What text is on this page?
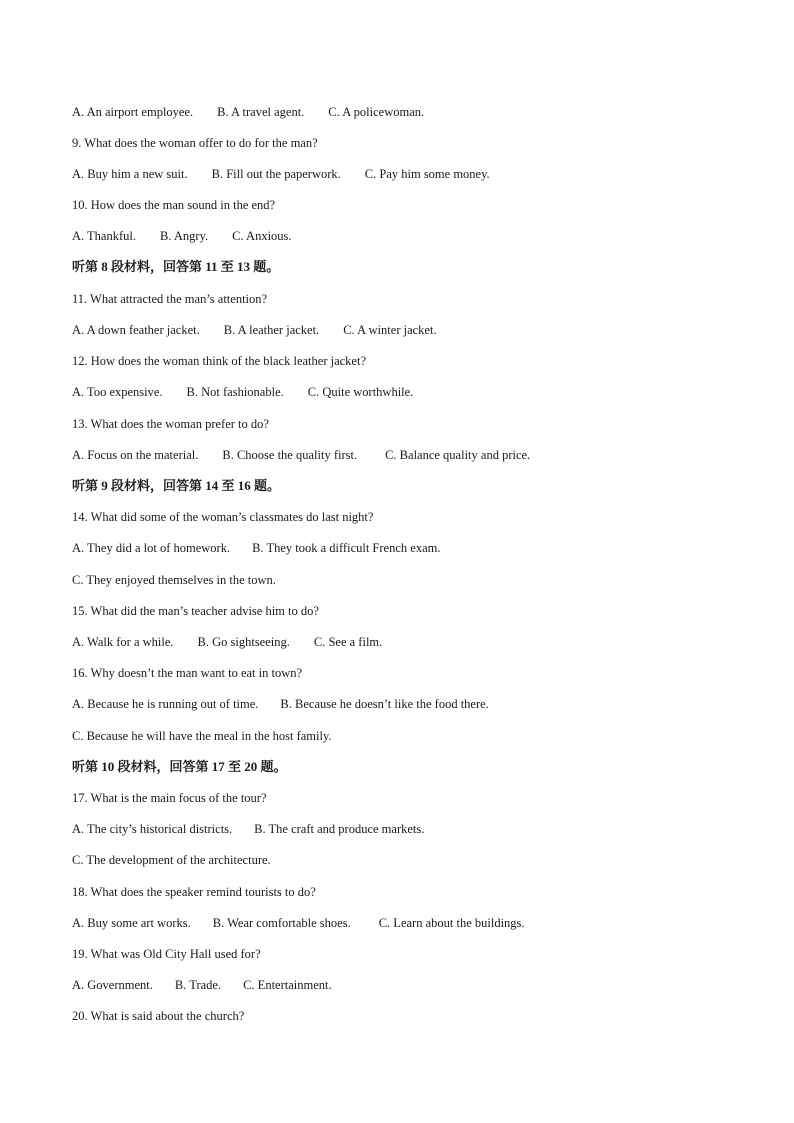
A. An airport employee. B. A travel agent. C. A policewoman.
9. What does the woman offer to do for the man?
A. Buy him a new suit. B. Fill out the paperwork. C. Pay him some money.
10. How does the man sound in the end?
A. Thankful. B. Angry. C. Anxious.
听第 8 段材料，回答第 11 至 13 题。
11. What attracted the man’s attention?
A. A down feather jacket. B. A leather jacket. C. A winter jacket.
12. How does the woman think of the black leather jacket?
A. Too expensive. B. Not fashionable. C. Quite worthwhile.
13. What does the woman prefer to do?
A. Focus on the material. B. Choose the quality first. C. Balance quality and price.
听第 9 段材料，回答第 14 至 16 题。
14. What did some of the woman’s classmates do last night?
A. They did a lot of homework. B. They took a difficult French exam.
C. They enjoyed themselves in the town.
15. What did the man’s teacher advise him to do?
A. Walk for a while. B. Go sightseeing. C. See a film.
16. Why doesn’t the man want to eat in town?
A. Because he is running out of time. B. Because he doesn’t like the food there.
C. Because he will have the meal in the host family.
听第 10 段材料，回答第 17 至 20 题。
17. What is the main focus of the tour?
A. The city’s historical districts. B. The craft and produce markets.
C. The development of the architecture.
18. What does the speaker remind tourists to do?
A. Buy some art works. B. Wear comfortable shoes. C. Learn about the buildings.
19. What was Old City Hall used for?
A. Government. B. Trade. C. Entertainment.
20. What is said about the church?
